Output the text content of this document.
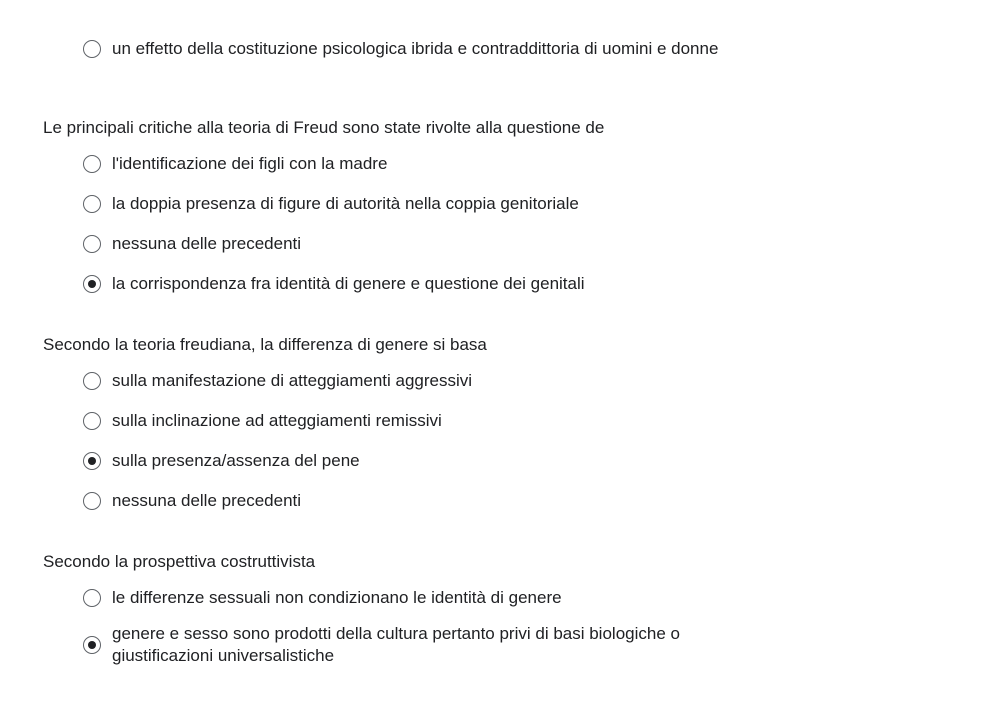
un effetto della costituzione psicologica ibrida e contraddittoria di uomini e donne
Le principali critiche alla teoria di Freud sono state rivolte alla questione de
l'identificazione dei figli con la madre
la doppia presenza di figure di autorità nella coppia genitoriale
nessuna delle precedenti
la corrispondenza fra identità di genere e questione dei genitali
Secondo la teoria freudiana, la differenza di genere si basa
sulla manifestazione di atteggiamenti aggressivi
sulla inclinazione ad atteggiamenti remissivi
sulla presenza/assenza del pene
nessuna delle precedenti
Secondo la prospettiva costruttivista
le differenze sessuali non condizionano le identità di genere
genere e sesso sono prodotti della cultura pertanto privi di basi biologiche o giustificazioni universalistiche
